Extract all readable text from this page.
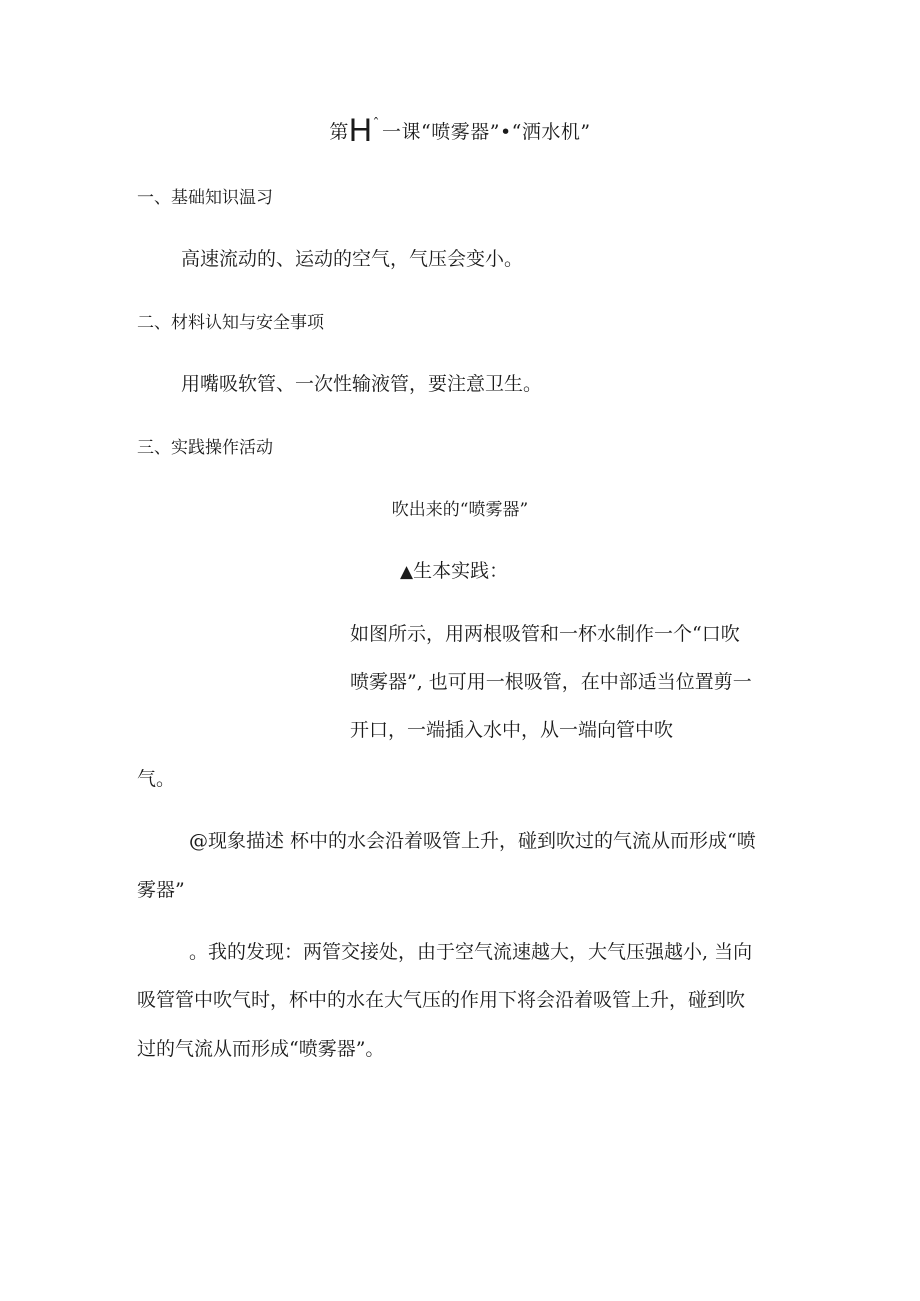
第$H^ˆ$ 一课“喷雾器”•“洒水机”
一、基础知识温习
高速流动的、运动的空气，气压会变小。
二、材料认知与安全事项
用嘴吸软管、一次性输液管，要注意卫生。
三、实践操作活动
吹出来的“喷雾器”
▲生本实践：
如图所示，用两根吸管和一杯水制作一个“口吹
喷雾器”, 也可用一根吸管，在中部适当位置剪一
开口，一端插入水中，从一端向管中吹
气。
@现象描述 杯中的水会沿着吸管上升，碰到吹过的气流从而形成“喷
雾器”
。我的发现：两管交接处，由于空气流速越大，大气压强越小, 当向
吸管管中吹气时，杯中的水在大气压的作用下将会沿着吸管上升，碰到吹
过的气流从而形成“喷雾器”。
